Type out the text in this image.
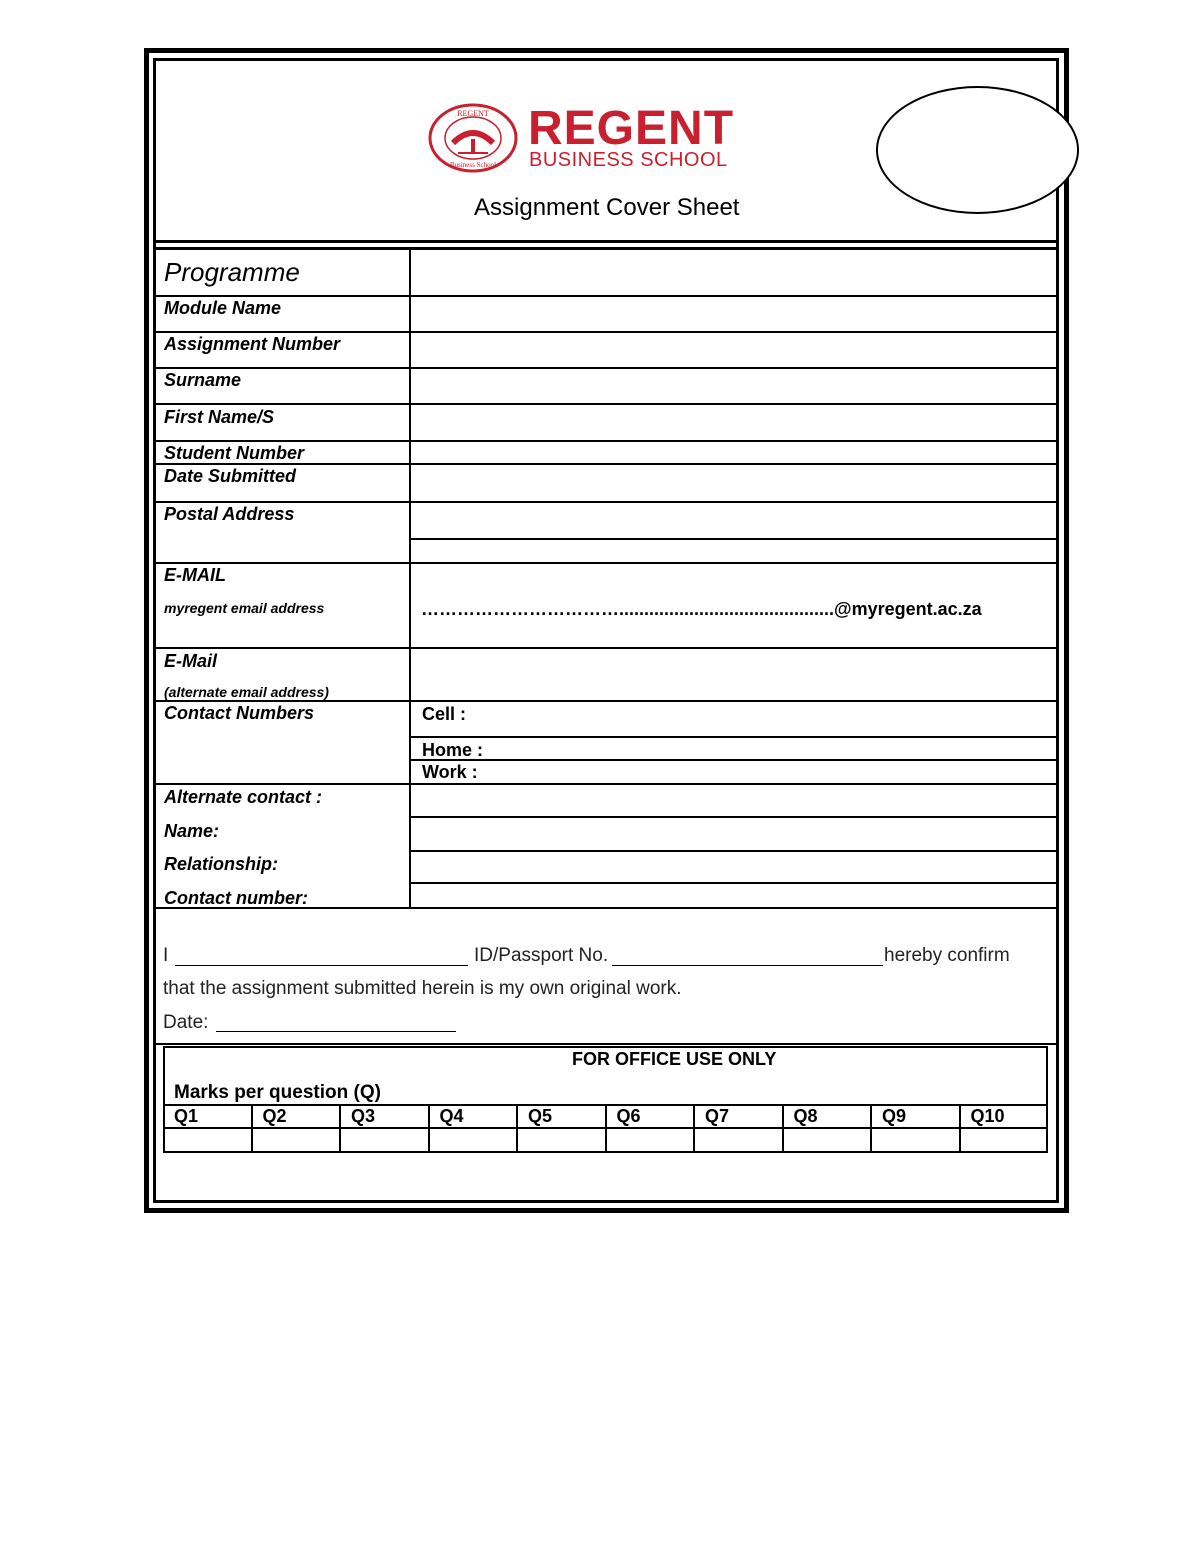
REGENT
Business School
REGENT
BUSINESS SCHOOL
Assignment Cover Sheet
Programme
Module Name
Assignment Number
Surname
First Name/S
Student Number
Date Submitted
Postal Address
E-MAIL
myregent email address	……………………………...........................................@myregent.ac.za
E-Mail
(alternate email address)
Contact Numbers	Cell :
Home :
Work :
Alternate contact :
Name:
Relationship:
Contact number:
I	ID/Passport No.	hereby confirm
that the assignment submitted herein is my own original work.
Date:
FOR OFFICE USE ONLY
Marks per question (Q)
Q1	Q2	Q3	Q4	Q5	Q6	Q7	Q8	Q9	Q10
